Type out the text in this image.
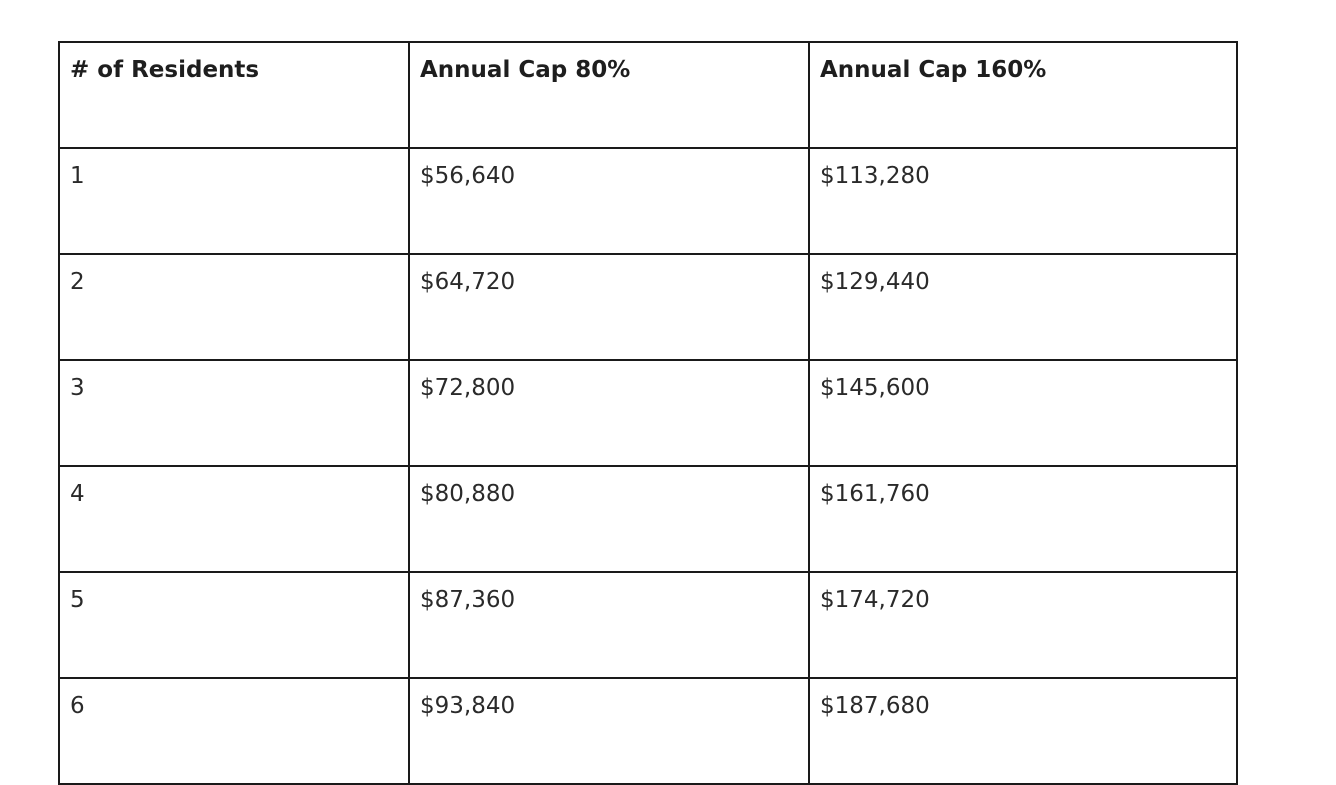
# of Residents	Annual Cap 80%	Annual Cap 160%
1	$56,640	$113,280
2	$64,720	$129,440
3	$72,800	$145,600
4	$80,880	$161,760
5	$87,360	$174,720
6	$93,840	$187,680
